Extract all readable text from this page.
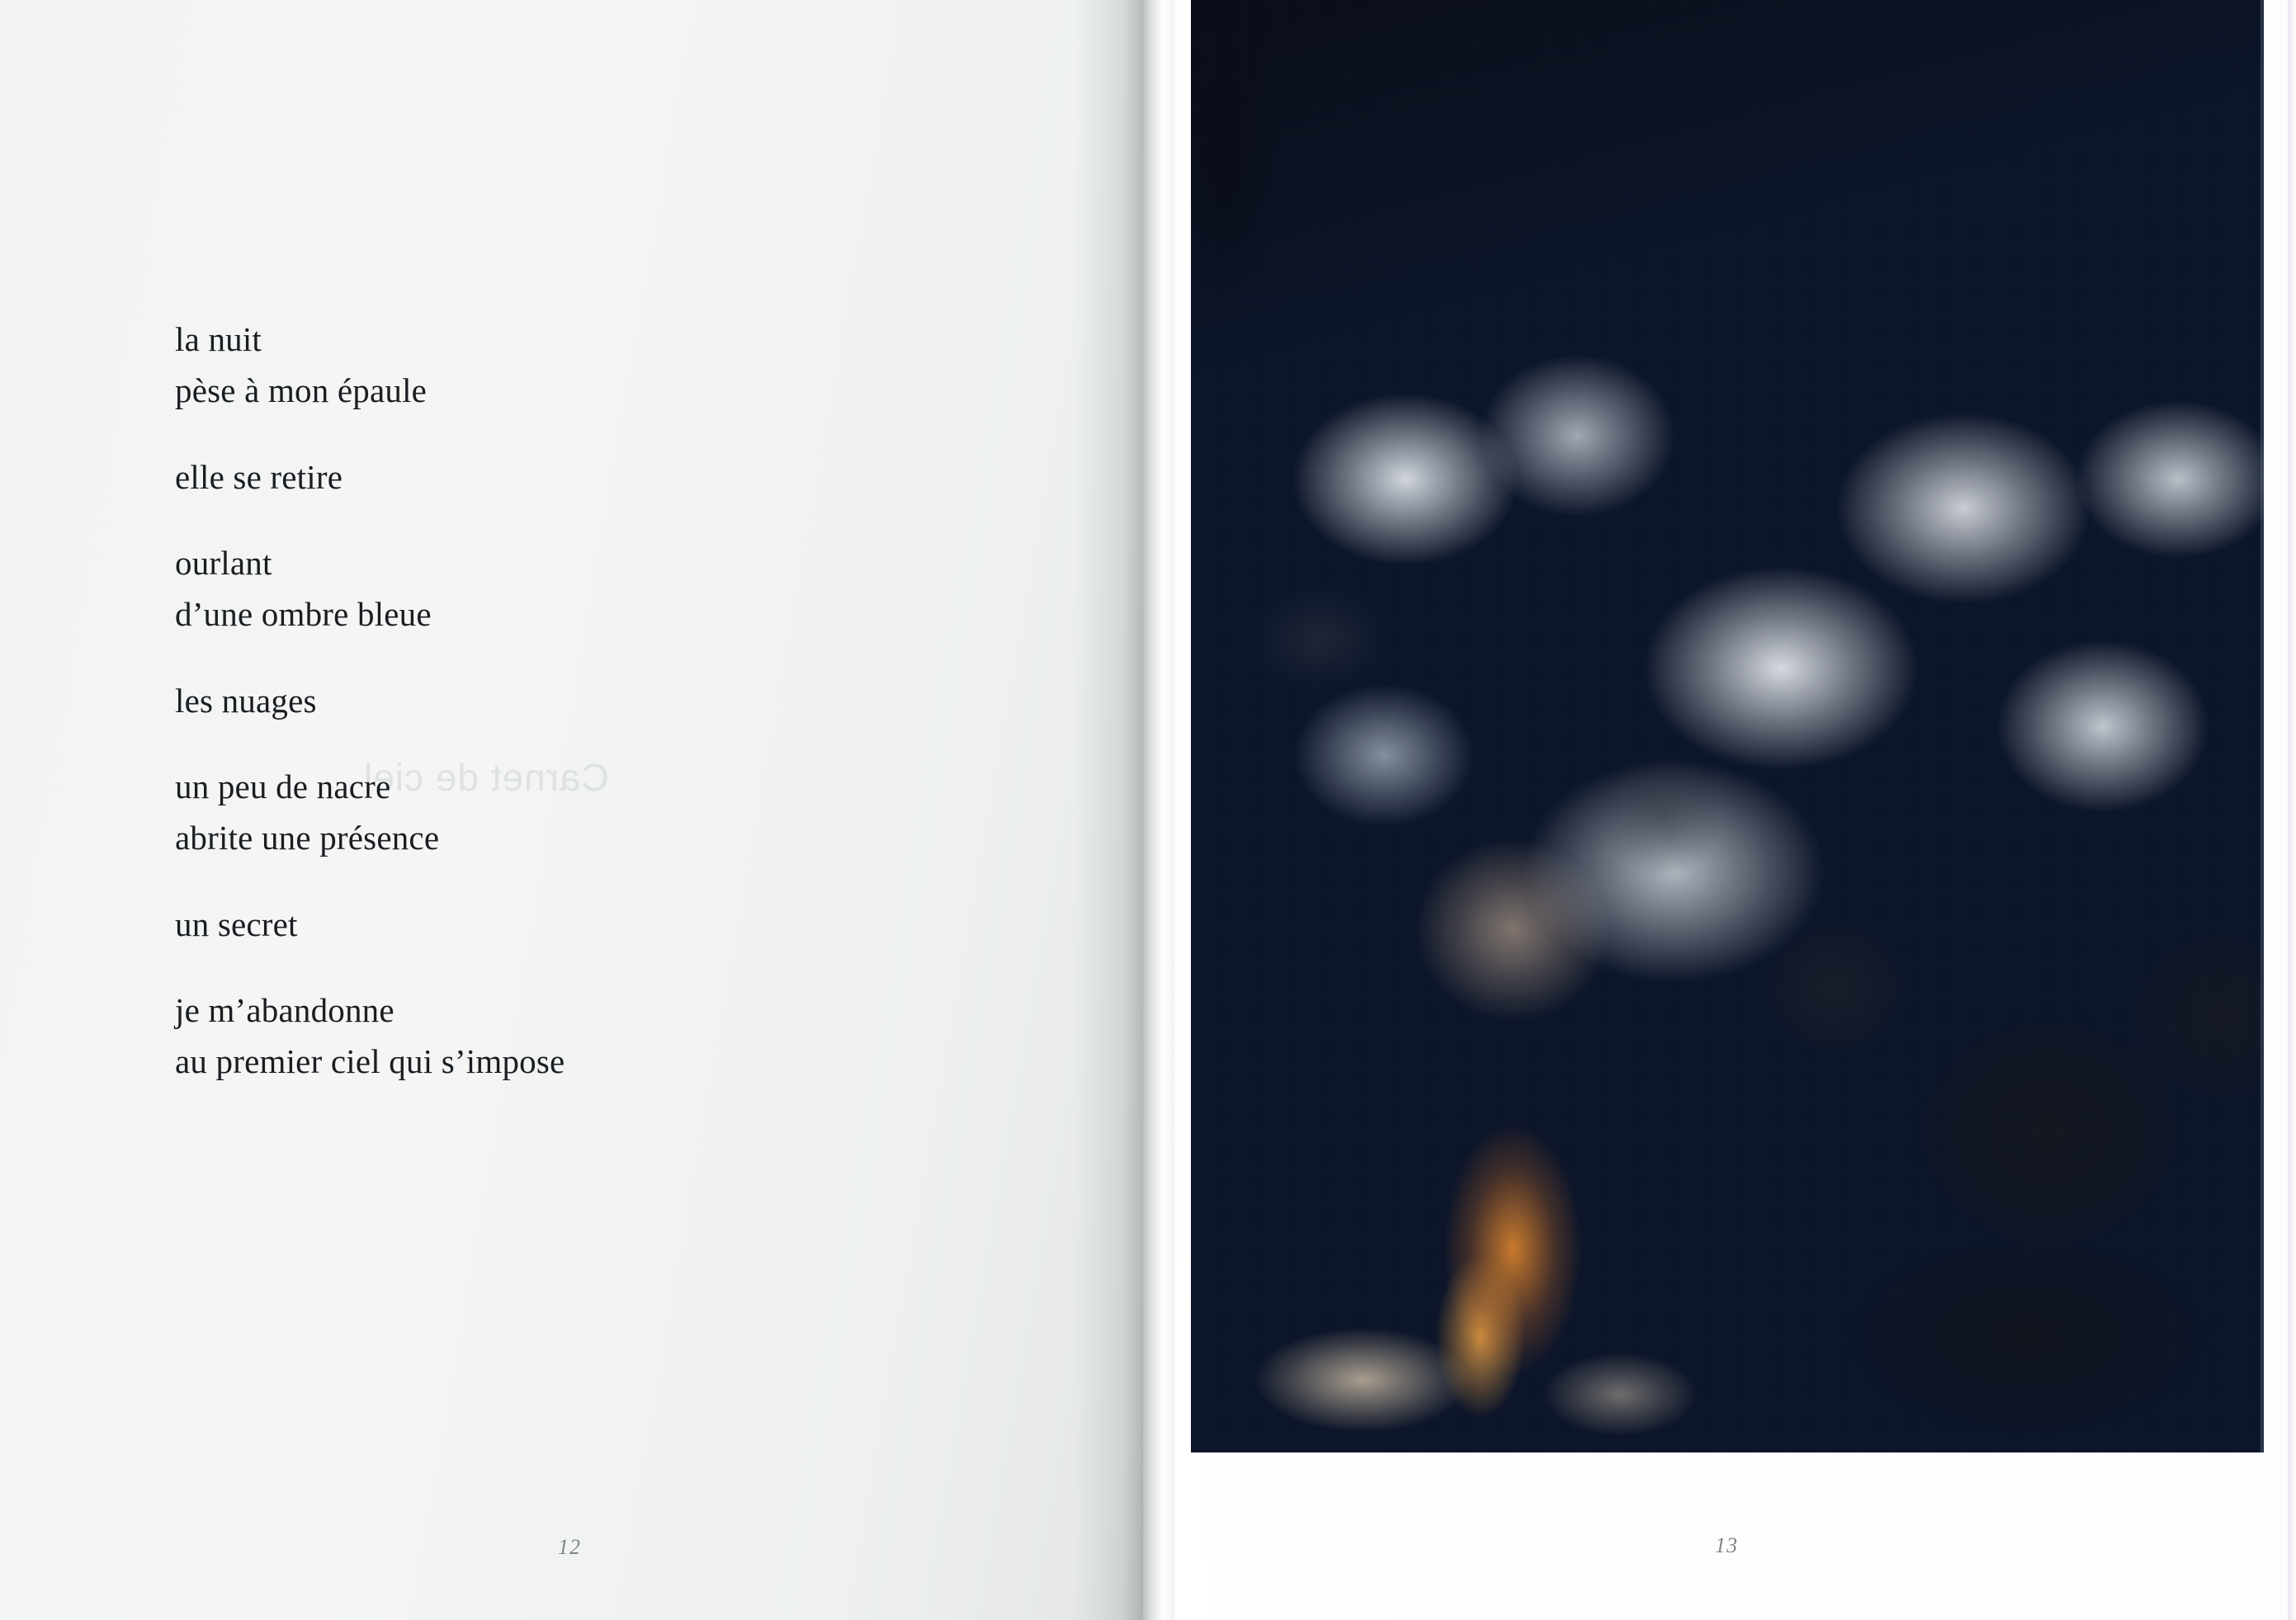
Carnet de ciel
la nuit
pèse à mon épaule
elle se retire
ourlant
d’une ombre bleue
les nuages
un peu de nacre
abrite une présence
un secret
je m’abandonne
au premier ciel qui s’impose
12	13
